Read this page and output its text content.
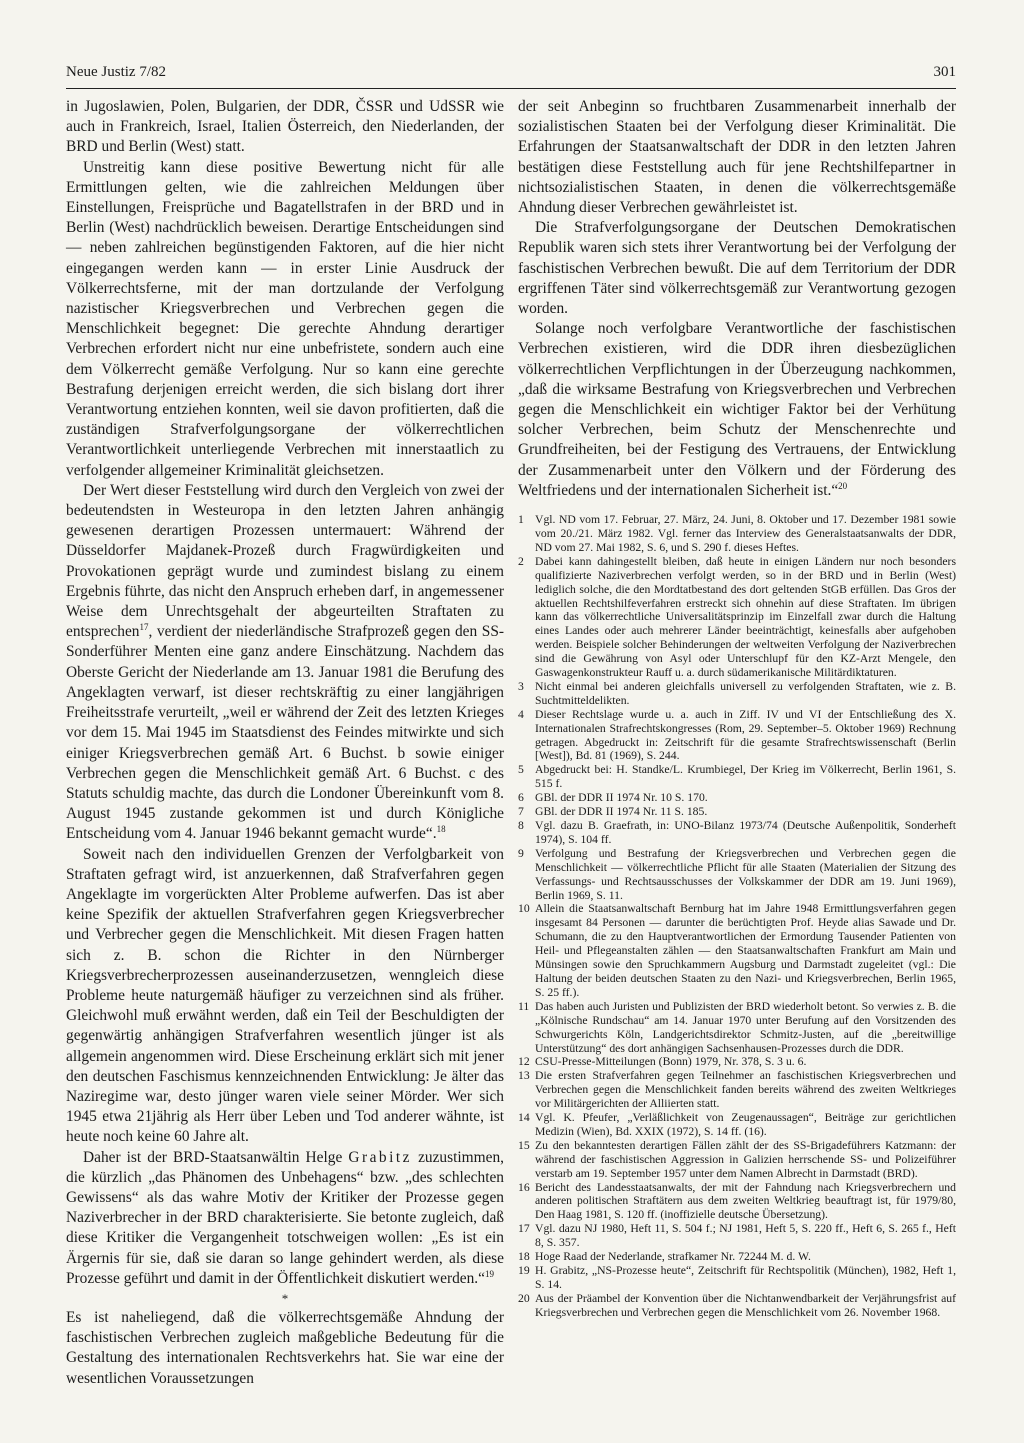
Neue Justiz 7/82	301

in Jugoslawien, Polen, Bulgarien, der DDR, ČSSR und UdSSR wie auch in Frankreich, Israel, Italien Österreich, den Niederlanden, der BRD und Berlin (West) statt.

Unstreitig kann diese positive Bewertung nicht für alle Ermittlungen gelten, wie die zahlreichen Meldungen über Einstellungen, Freisprüche und Bagatellstrafen in der BRD und in Berlin (West) nachdrücklich beweisen. Derartige Entscheidungen sind — neben zahlreichen begünstigenden Faktoren, auf die hier nicht eingegangen werden kann — in erster Linie Ausdruck der Völkerrechtsferne, mit der man dortzulande der Verfolgung nazistischer Kriegsverbrechen und Verbrechen gegen die Menschlichkeit begegnet: Die gerechte Ahndung derartiger Verbrechen erfordert nicht nur eine unbefristete, sondern auch eine dem Völkerrecht gemäße Verfolgung. Nur so kann eine gerechte Bestrafung derjenigen erreicht werden, die sich bislang dort ihrer Verantwortung entziehen konnten, weil sie davon profitierten, daß die zuständigen Strafverfolgungsorgane der völkerrechtlichen Verantwortlichkeit unterliegende Verbrechen mit innerstaatlich zu verfolgender allgemeiner Kriminalität gleichsetzen.

Der Wert dieser Feststellung wird durch den Vergleich von zwei der bedeutendsten in Westeuropa in den letzten Jahren anhängig gewesenen derartigen Prozessen untermauert: Während der Düsseldorfer Majdanek-Prozeß durch Fragwürdigkeiten und Provokationen geprägt wurde und zumindest bislang zu einem Ergebnis führte, das nicht den Anspruch erheben darf, in angemessener Weise dem Unrechtsgehalt der abgeurteilten Straftaten zu entsprechen$^{17}$, verdient der niederländische Strafprozeß gegen den SS-Sonderführer Menten eine ganz andere Einschätzung. Nachdem das Oberste Gericht der Niederlande am 13. Januar 1981 die Berufung des Angeklagten verwarf, ist dieser rechtskräftig zu einer langjährigen Freiheitsstrafe verurteilt, „weil er während der Zeit des letzten Krieges vor dem 15. Mai 1945 im Staatsdienst des Feindes mitwirkte und sich einiger Kriegsverbrechen gemäß Art. 6 Buchst. b sowie einiger Verbrechen gegen die Menschlichkeit gemäß Art. 6 Buchst. c des Statuts schuldig machte, das durch die Londoner Übereinkunft vom 8. August 1945 zustande gekommen ist und durch Königliche Entscheidung vom 4. Januar 1946 bekannt gemacht wurde“.$^{18}$

Soweit nach den individuellen Grenzen der Verfolgbarkeit von Straftaten gefragt wird, ist anzuerkennen, daß Strafverfahren gegen Angeklagte im vorgerückten Alter Probleme aufwerfen. Das ist aber keine Spezifik der aktuellen Strafverfahren gegen Kriegsverbrecher und Verbrecher gegen die Menschlichkeit. Mit diesen Fragen hatten sich z. B. schon die Richter in den Nürnberger Kriegsverbrecherprozessen auseinanderzusetzen, wenngleich diese Probleme heute naturgemäß häufiger zu verzeichnen sind als früher. Gleichwohl muß erwähnt werden, daß ein Teil der Beschuldigten der gegenwärtig anhängigen Strafverfahren wesentlich jünger ist als allgemein angenommen wird. Diese Erscheinung erklärt sich mit jener den deutschen Faschismus kennzeichnenden Entwicklung: Je älter das Naziregime war, desto jünger waren viele seiner Mörder. Wer sich 1945 etwa 21jährig als Herr über Leben und Tod anderer wähnte, ist heute noch keine 60 Jahre alt.

Daher ist der BRD-Staatsanwältin Helge Grabitz zuzustimmen, die kürzlich „das Phänomen des Unbehagens“ bzw. „des schlechten Gewissens“ als das wahre Motiv der Kritiker der Prozesse gegen Naziverbrecher in der BRD charakterisierte. Sie betonte zugleich, daß diese Kritiker die Vergangenheit totschweigen wollen: „Es ist ein Ärgernis für sie, daß sie daran so lange gehindert werden, als diese Prozesse geführt und damit in der Öffentlichkeit diskutiert werden.“$^{19}$

*

Es ist naheliegend, daß die völkerrechtsgemäße Ahndung der faschistischen Verbrechen zugleich maßgebliche Bedeutung für die Gestaltung des internationalen Rechtsverkehrs hat. Sie war eine der wesentlichen Voraussetzungen

der seit Anbeginn so fruchtbaren Zusammenarbeit innerhalb der sozialistischen Staaten bei der Verfolgung dieser Kriminalität. Die Erfahrungen der Staatsanwaltschaft der DDR in den letzten Jahren bestätigen diese Feststellung auch für jene Rechtshilfepartner in nichtsozialistischen Staaten, in denen die völkerrechtsgemäße Ahndung dieser Verbrechen gewährleistet ist.

Die Strafverfolgungsorgane der Deutschen Demokratischen Republik waren sich stets ihrer Verantwortung bei der Verfolgung der faschistischen Verbrechen bewußt. Die auf dem Territorium der DDR ergriffenen Täter sind völkerrechtsgemäß zur Verantwortung gezogen worden.

Solange noch verfolgbare Verantwortliche der faschistischen Verbrechen existieren, wird die DDR ihren diesbezüglichen völkerrechtlichen Verpflichtungen in der Überzeugung nachkommen, „daß die wirksame Bestrafung von Kriegsverbrechen und Verbrechen gegen die Menschlichkeit ein wichtiger Faktor bei der Verhütung solcher Verbrechen, beim Schutz der Menschenrechte und Grundfreiheiten, bei der Festigung des Vertrauens, der Entwicklung der Zusammenarbeit unter den Völkern und der Förderung des Weltfriedens und der internationalen Sicherheit ist.“$^{20}$

1 Vgl. ND vom 17. Februar, 27. März, 24. Juni, 8. Oktober und 17. Dezember 1981 sowie vom 20./21. März 1982. Vgl. ferner das Interview des Generalstaatsanwalts der DDR, ND vom 27. Mai 1982, S. 6, und S. 290 f. dieses Heftes.
2 Dabei kann dahingestellt bleiben, daß heute in einigen Ländern nur noch besonders qualifizierte Naziverbrechen verfolgt werden, so in der BRD und in Berlin (West) lediglich solche, die den Mordtatbestand des dort geltenden StGB erfüllen. Das Gros der aktuellen Rechtshilfeverfahren erstreckt sich ohnehin auf diese Straftaten. Im übrigen kann das völkerrechtliche Universalitätsprinzip im Einzelfall zwar durch die Haltung eines Landes oder auch mehrerer Länder beeinträchtigt, keinesfalls aber aufgehoben werden. Beispiele solcher Behinderungen der weltweiten Verfolgung der Naziverbrechen sind die Gewährung von Asyl oder Unterschlupf für den KZ-Arzt Mengele, den Gaswagenkonstrukteur Rauff u. a. durch südamerikanische Militärdiktaturen.
3 Nicht einmal bei anderen gleichfalls universell zu verfolgenden Straftaten, wie z. B. Suchtmitteldelikten.
4 Dieser Rechtslage wurde u. a. auch in Ziff. IV und VI der Entschließung des X. Internationalen Strafrechtskongresses (Rom, 29. September–5. Oktober 1969) Rechnung getragen. Abgedruckt in: Zeitschrift für die gesamte Strafrechtswissenschaft (Berlin [West]), Bd. 81 (1969), S. 244.
5 Abgedruckt bei: H. Standke/L. Krumbiegel, Der Krieg im Völkerrecht, Berlin 1961, S. 515 f.
6 GBl. der DDR II 1974 Nr. 10 S. 170.
7 GBl. der DDR II 1974 Nr. 11 S. 185.
8 Vgl. dazu B. Graefrath, in: UNO-Bilanz 1973/74 (Deutsche Außenpolitik, Sonderheft 1974), S. 104 ff.
9 Verfolgung und Bestrafung der Kriegsverbrechen und Verbrechen gegen die Menschlichkeit — völkerrechtliche Pflicht für alle Staaten (Materialien der Sitzung des Verfassungs- und Rechtsausschusses der Volkskammer der DDR am 19. Juni 1969), Berlin 1969, S. 11.
10 Allein die Staatsanwaltschaft Bernburg hat im Jahre 1948 Ermittlungsverfahren gegen insgesamt 84 Personen — darunter die berüchtigten Prof. Heyde alias Sawade und Dr. Schumann, die zu den Hauptverantwortlichen der Ermordung Tausender Patienten von Heil- und Pflegeanstalten zählen — den Staatsanwaltschaften Frankfurt am Main und Münsingen sowie den Spruchkammern Augsburg und Darmstadt zugeleitet (vgl.: Die Haltung der beiden deutschen Staaten zu den Nazi- und Kriegsverbrechen, Berlin 1965, S. 25 ff.).
11 Das haben auch Juristen und Publizisten der BRD wiederholt betont. So verwies z. B. die „Kölnische Rundschau“ am 14. Januar 1970 unter Berufung auf den Vorsitzenden des Schwurgerichts Köln, Landgerichtsdirektor Schmitz-Justen, auf die „bereitwillige Unterstützung“ des dort anhängigen Sachsenhausen-Prozesses durch die DDR.
12 CSU-Presse-Mitteilungen (Bonn) 1979, Nr. 378, S. 3 u. 6.
13 Die ersten Strafverfahren gegen Teilnehmer an faschistischen Kriegsverbrechen und Verbrechen gegen die Menschlichkeit fanden bereits während des zweiten Weltkrieges vor Militärgerichten der Alliierten statt.
14 Vgl. K. Pfeufer, „Verläßlichkeit von Zeugenaussagen“, Beiträge zur gerichtlichen Medizin (Wien), Bd. XXIX (1972), S. 14 ff. (16).
15 Zu den bekanntesten derartigen Fällen zählt der des SS-Brigadeführers Katzmann: der während der faschistischen Aggression in Galizien herrschende SS- und Polizeiführer verstarb am 19. September 1957 unter dem Namen Albrecht in Darmstadt (BRD).
16 Bericht des Landesstaatsanwalts, der mit der Fahndung nach Kriegsverbrechern und anderen politischen Straftätern aus dem zweiten Weltkrieg beauftragt ist, für 1979/80, Den Haag 1981, S. 120 ff. (inoffizielle deutsche Übersetzung).
17 Vgl. dazu NJ 1980, Heft 11, S. 504 f.; NJ 1981, Heft 5, S. 220 ff., Heft 6, S. 265 f., Heft 8, S. 357.
18 Hoge Raad der Nederlande, strafkamer Nr. 72244 M. d. W.
19 H. Grabitz, „NS-Prozesse heute“, Zeitschrift für Rechtspolitik (München), 1982, Heft 1, S. 14.
20 Aus der Präambel der Konvention über die Nichtanwendbarkeit der Verjährungsfrist auf Kriegsverbrechen und Verbrechen gegen die Menschlichkeit vom 26. November 1968.
